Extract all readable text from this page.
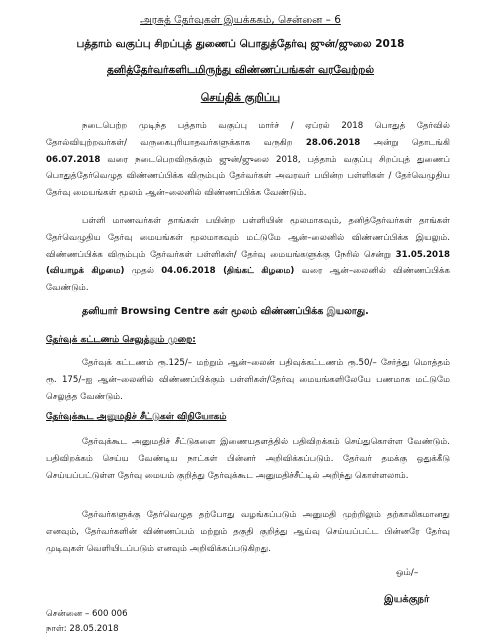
அரசுத் தேர்வுகள் இயக்ககம், சென்னை – 6
பத்தாம் வகுப்பு சிறப்புத் துணைப் பொதுத்தேர்வு ஜுன்/ஜுலை 2018
தனித்தேர்வர்களிடமிருந்து விண்ணப்பங்கள் வரவேற்றல்
செய்திக் குறிப்பு
நடைபெற்ற முடிந்த பத்தாம் வகுப்பு மார்ச் / ஏப்ரல் 2018 பொதுத் தேர்வில் தோல்வியுற்றவர்கள்/ வருகைபுரியாதவர்களுக்காக வருகிற 28.06.2018 அன்று தொடங்கி 06.07.2018 வரை நடைபெறவிருக்கும் ஜுன்/ஜுலை 2018, பத்தாம் வகுப்பு சிறப்புத் துணைப் பொதுத்தேர்வெழுத விண்ணப்பிக்க விரும்பும் தேர்வர்கள் அவரவர் பயின்ற பள்ளிகள் / தேர்வெழுதிய தேர்வு மையங்கள் மூலம் ஆன்–லைனில் விண்ணப்பிக்க வேண்டும்.
பள்ளி மாணவர்கள் தாங்கள் பயின்ற பள்ளியின் மூலமாகவும், தனித்தேர்வர்கள் தாங்கள் தேர்வெழுதிய தேர்வு மையங்கள் மூலமாகவும் மட்டுமே ஆன்–லைனில் விண்ணப்பிக்க இயலும். விண்ணப்பிக்க விரும்பும் தேர்வர்கள் பள்ளிகள்/ தேர்வு மையங்களுக்கு நேரில் சென்று 31.05.2018 (வியாழக் கிழமை) முதல் 04.06.2018 (திங்கட் கிழமை) வரை ஆன்–லைனில் விண்ணப்பிக்க வேண்டும்.
தனியார் Browsing Centre கள் மூலம் விண்ணப்பிக்க இயலாது.
தேர்வுக் கட்டணம் செலுத்தும் முறை:
தேர்வுக் கட்டணம் ரூ.125/– மற்றும் ஆன்–லைன் பதிவுக்கட்டணம் ரூ.50/– சேர்த்து மொத்தம் ரூ. 175/–ஐ ஆன்–லைனில் விண்ணப்பிக்கும் பள்ளிகள்/தேர்வு மையங்களிலேயே பணமாக மட்டுமே செலுத்த வேண்டும்.
தேர்வுக்கூட அனுமதிச் சீட்டுகள் விநியோகம்
தேர்வுக்கூட அனுமதிச் சீட்டுகளை இணையதளத்தில் பதிவிறக்கம் செய்துகொள்ள வேண்டும். பதிவிறக்கம் செய்ய வேண்டிய நாட்கள் பின்னர் அறிவிக்கப்படும். தேர்வர் தமக்கு ஒதுக்கீடு செய்யப்பட்டுள்ள தேர்வு மையம் குறித்து தேர்வுக்கூட அனுமதிச்சீட்டில் அறிந்து கொள்ளலாம்.
தேர்வர்களுக்கு தேர்வெழுத தற்போது வழங்கப்படும் அனுமதி முற்றிலும் தற்காலிகமானது எனவும், தேர்வர்களின் விண்ணப்பம் மற்றும் தகுதி குறித்து ஆய்வு செய்யப்பட்ட பின்னரே தேர்வு முடிவுகள் வெளியிடப்படும் எனவும் அறிவிக்கப்படுகிறது.
ஒம்/–
இயக்குநர்
சென்னை – 600 006
நாள்: 28.05.2018
